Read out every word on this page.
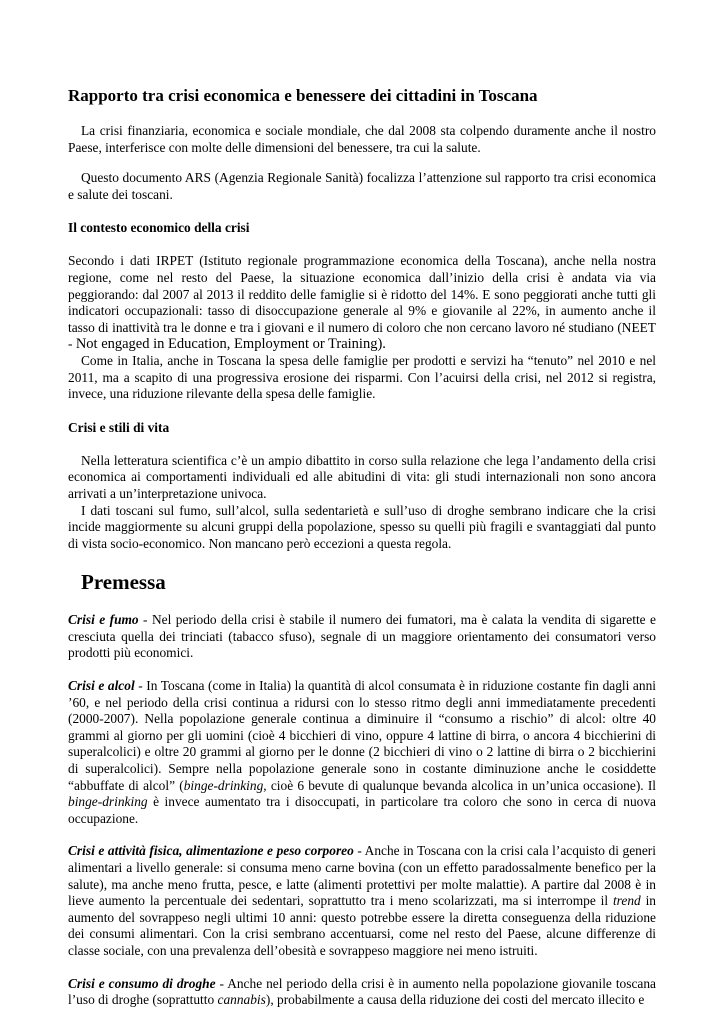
Rapporto tra crisi economica e benessere dei cittadini in Toscana

La crisi finanziaria, economica e sociale mondiale, che dal 2008 sta colpendo duramente anche il nostro Paese, interferisce con molte delle dimensioni del benessere, tra cui la salute.

Questo documento ARS (Agenzia Regionale Sanità) focalizza l’attenzione sul rapporto tra crisi economica e salute dei toscani.

Il contesto economico della crisi

Secondo i dati IRPET (Istituto regionale programmazione economica della Toscana), anche nella nostra regione, come nel resto del Paese, la situazione economica dall’inizio della crisi è andata via via peggiorando: dal 2007 al 2013 il reddito delle famiglie si è ridotto del 14%. E sono peggiorati anche tutti gli indicatori occupazionali: tasso di disoccupazione generale al 9% e giovanile al 22%, in aumento anche il tasso di inattività tra le donne e tra i giovani e il numero di coloro che non cercano lavoro né studiano (NEET - Not engaged in Education, Employment or Training).

Come in Italia, anche in Toscana la spesa delle famiglie per prodotti e servizi ha “tenuto” nel 2010 e nel 2011, ma a scapito di una progressiva erosione dei risparmi. Con l’acuirsi della crisi, nel 2012 si registra, invece, una riduzione rilevante della spesa delle famiglie.

Crisi e stili di vita

Nella letteratura scientifica c’è un ampio dibattito in corso sulla relazione che lega l’andamento della crisi economica ai comportamenti individuali ed alle abitudini di vita: gli studi internazionali non sono ancora arrivati a un’interpretazione univoca.

I dati toscani sul fumo, sull’alcol, sulla sedentarietà e sull’uso di droghe sembrano indicare che la crisi incide maggiormente su alcuni gruppi della popolazione, spesso su quelli più fragili e svantaggiati dal punto di vista socio-economico. Non mancano però eccezioni a questa regola.

Premessa

Crisi e fumo - Nel periodo della crisi è stabile il numero dei fumatori, ma è calata la vendita di sigarette e cresciuta quella dei trinciati (tabacco sfuso), segnale di un maggiore orientamento dei consumatori verso prodotti più economici.

Crisi e alcol - In Toscana (come in Italia) la quantità di alcol consumata è in riduzione costante fin dagli anni ’60, e nel periodo della crisi continua a ridursi con lo stesso ritmo degli anni immediatamente precedenti (2000-2007). Nella popolazione generale continua a diminuire il “consumo a rischio” di alcol: oltre 40 grammi al giorno per gli uomini (cioè 4 bicchieri di vino, oppure 4 lattine di birra, o ancora 4 bicchierini di superalcolici) e oltre 20 grammi al giorno per le donne (2 bicchieri di vino o 2 lattine di birra o 2 bicchierini di superalcolici). Sempre nella popolazione generale sono in costante diminuzione anche le cosiddette “abbuffate di alcol” (binge-drinking, cioè 6 bevute di qualunque bevanda alcolica in un’unica occasione). Il binge-drinking è invece aumentato tra i disoccupati, in particolare tra coloro che sono in cerca di nuova occupazione.

Crisi e attività fisica, alimentazione e peso corporeo - Anche in Toscana con la crisi cala l’acquisto di generi alimentari a livello generale: si consuma meno carne bovina (con un effetto paradossalmente benefico per la salute), ma anche meno frutta, pesce, e latte (alimenti protettivi per molte malattie). A partire dal 2008 è in lieve aumento la percentuale dei sedentari, soprattutto tra i meno scolarizzati, ma si interrompe il trend in aumento del sovrappeso negli ultimi 10 anni: questo potrebbe essere la diretta conseguenza della riduzione dei consumi alimentari. Con la crisi sembrano accentuarsi, come nel resto del Paese, alcune differenze di classe sociale, con una prevalenza dell’obesità e sovrappeso maggiore nei meno istruiti.

Crisi e consumo di droghe - Anche nel periodo della crisi è in aumento nella popolazione giovanile toscana l’uso di droghe (soprattutto cannabis), probabilmente a causa della riduzione dei costi del mercato illecito e
